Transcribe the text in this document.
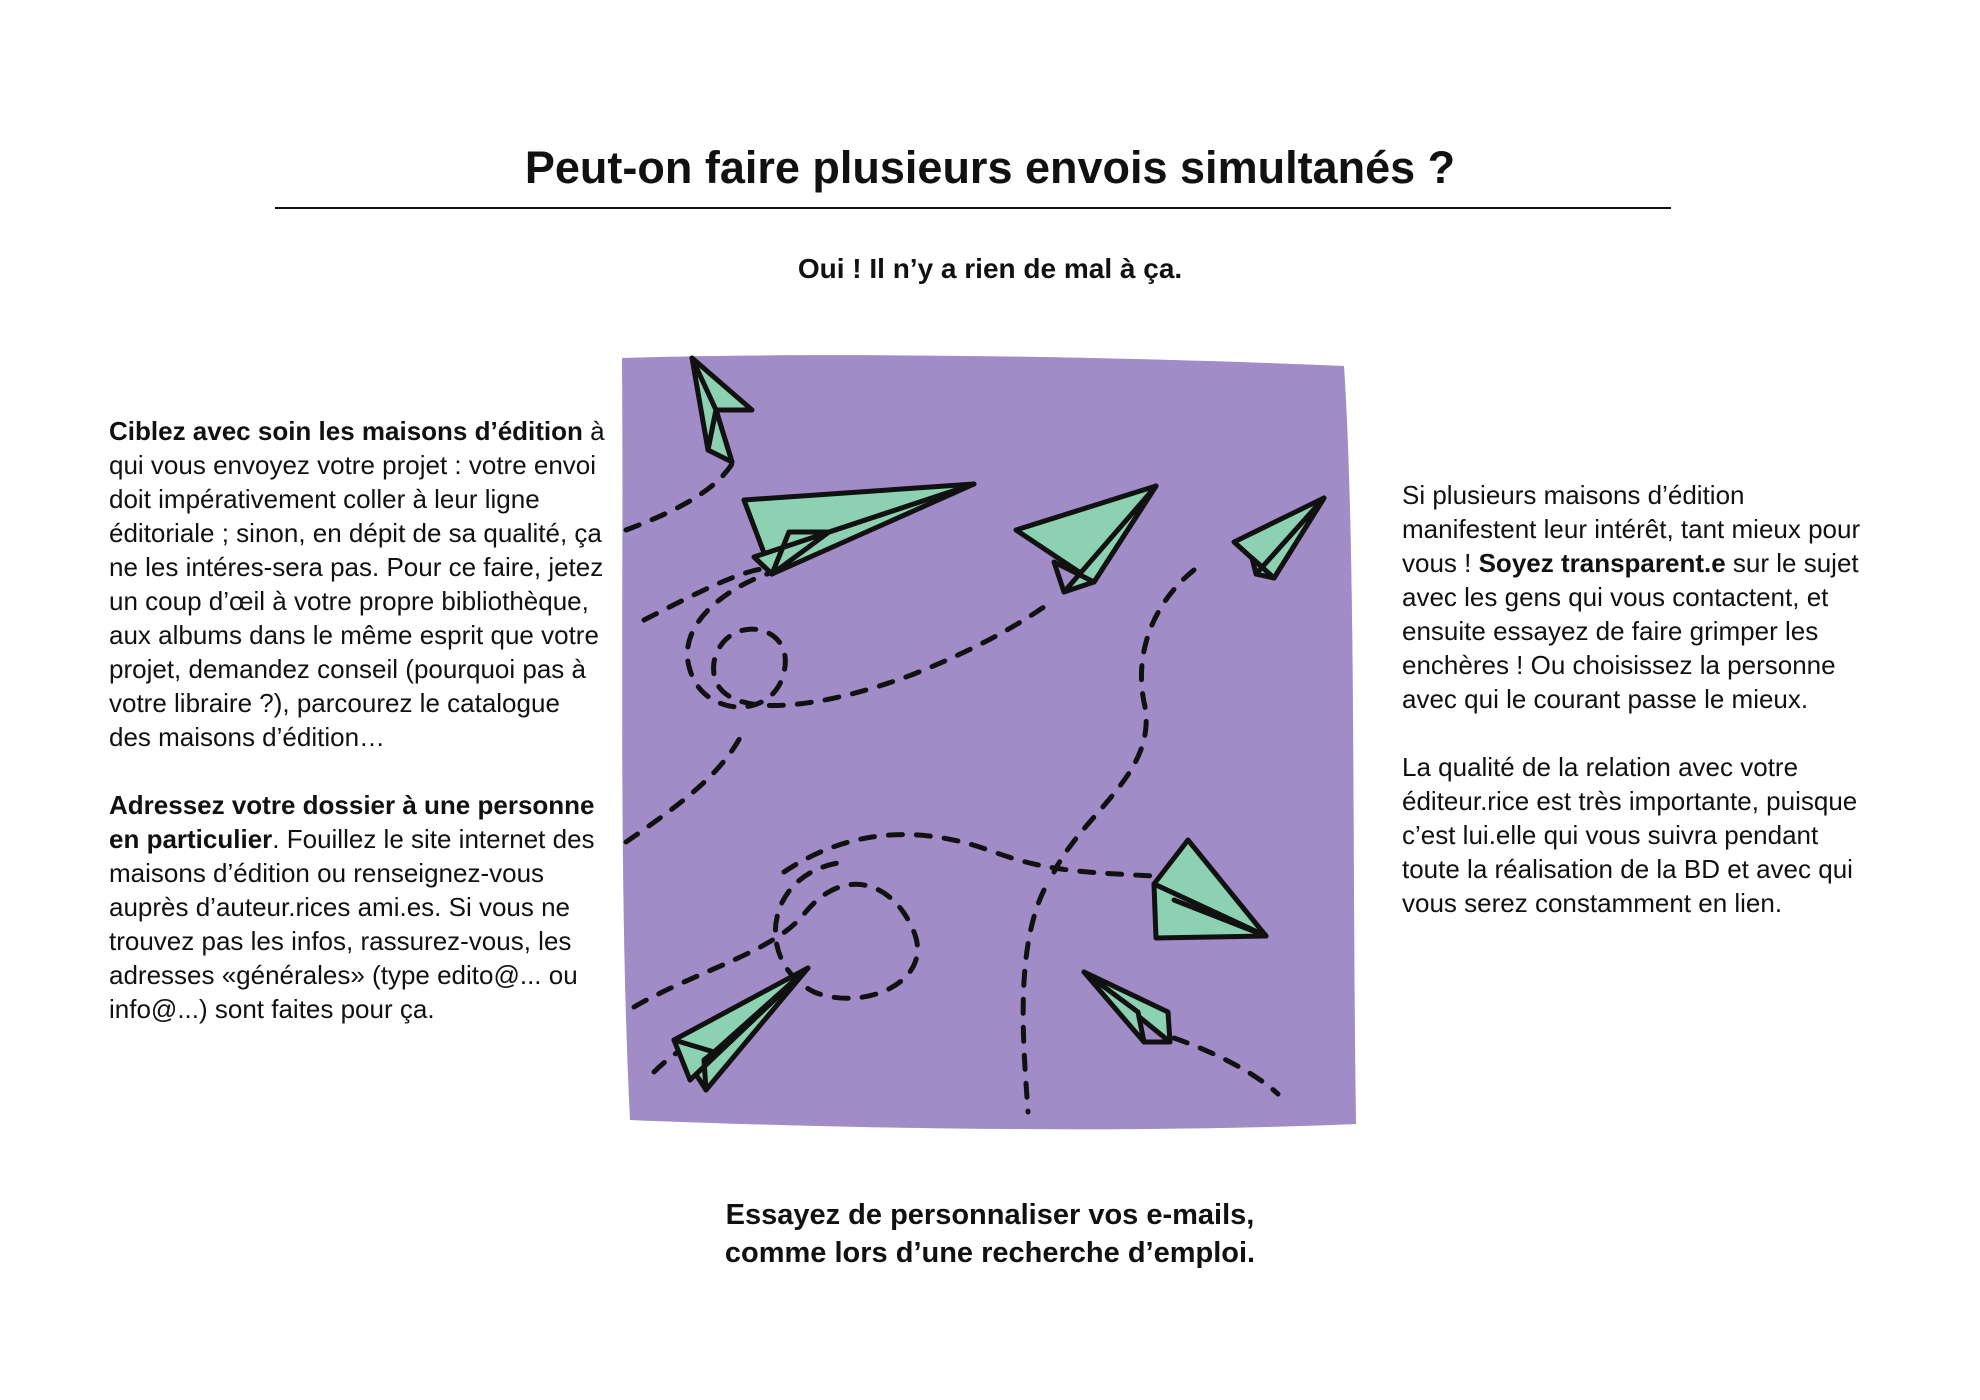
Peut-on faire plusieurs envois simultanés ?
Oui ! Il n’y a rien de mal à ça.

Ciblez avec soin les maisons d’édition à qui vous envoyez votre projet : votre envoi doit impérativement coller à leur ligne éditoriale ; sinon, en dépit de sa qualité, ça ne les intéres-sera pas. Pour ce faire, jetez un coup d’œil à votre propre bibliothèque, aux albums dans le même esprit que votre projet, demandez conseil (pourquoi pas à votre libraire ?), parcourez le catalogue des maisons d’édition…

Adressez votre dossier à une personne en particulier. Fouillez le site internet des maisons d’édition ou renseignez-vous auprès d’auteur.rices ami.es. Si vous ne trouvez pas les infos, rassurez-vous, les adresses «générales» (type edito@... ou info@...) sont faites pour ça.

Si plusieurs maisons d’édition manifestent leur intérêt, tant mieux pour vous ! Soyez transparent.e sur le sujet avec les gens qui vous contactent, et ensuite essayez de faire grimper les enchères ! Ou choisissez la personne avec qui le courant passe le mieux.

La qualité de la relation avec votre éditeur.rice est très importante, puisque c’est lui.elle qui vous suivra pendant toute la réalisation de la BD et avec qui vous serez constamment en lien.

Essayez de personnaliser vos e-mails,
comme lors d’une recherche d’emploi.
